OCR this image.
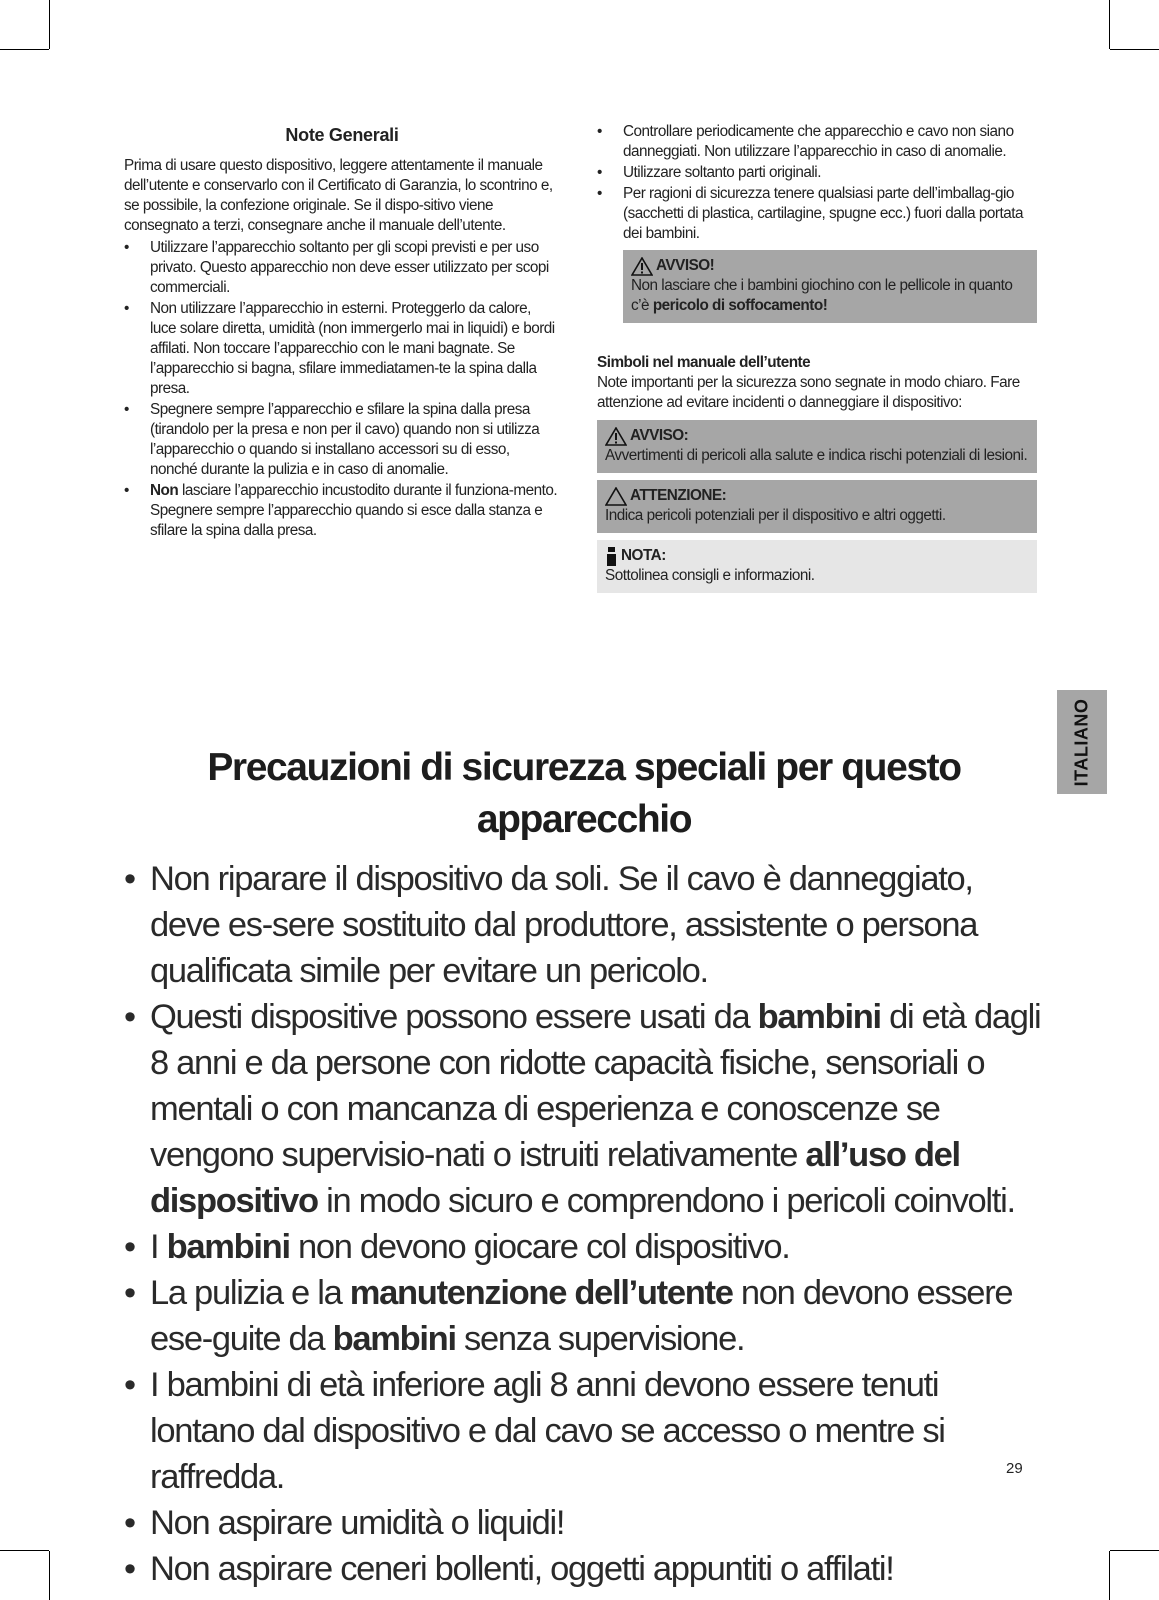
Note Generali

Prima di usare questo dispositivo, leggere attentamente il manuale dell’utente e conservarlo con il Certificato di Garanzia, lo scontrino e, se possibile, la confezione originale. Se il dispo-sitivo viene consegnato a terzi, consegnare anche il manuale dell’utente.

• Utilizzare l’apparecchio soltanto per gli scopi previsti e per uso privato. Questo apparecchio non deve esser utilizzato per scopi commerciali.
• Non utilizzare l’apparecchio in esterni. Proteggerlo da calore, luce solare diretta, umidità (non immergerlo mai in liquidi) e bordi affilati. Non toccare l’apparecchio con le mani bagnate. Se l’apparecchio si bagna, sfilare immediatamen-te la spina dalla presa.
• Spegnere sempre l’apparecchio e sfilare la spina dalla presa (tirandolo per la presa e non per il cavo) quando non si utilizza l’apparecchio o quando si installano accessori su di esso, nonché durante la pulizia e in caso di anomalie.
• Non lasciare l’apparecchio incustodito durante il funziona-mento. Spegnere sempre l’apparecchio quando si esce dalla stanza e sfilare la spina dalla presa.
• Controllare periodicamente che apparecchio e cavo non siano danneggiati. Non utilizzare l’apparecchio in caso di anomalie.
• Utilizzare soltanto parti originali.
• Per ragioni di sicurezza tenere qualsiasi parte dell’imballag-gio (sacchetti di plastica, cartilagine, spugne ecc.) fuori dalla portata dei bambini.
AVVISO!
Non lasciare che i bambini giochino con le pellicole in quanto c’è pericolo di soffocamento!
Simboli nel manuale dell’utente

Note importanti per la sicurezza sono segnate in modo chiaro. Fare attenzione ad evitare incidenti o danneggiare il dispositivo:

AVVISO:
Avvertimenti di pericoli alla salute e indica rischi potenziali di lesioni.
ATTENZIONE:
Indica pericoli potenziali per il dispositivo e altri oggetti.
NOTA:
Sottolinea consigli e informazioni.
ITALIANO
Precauzioni di sicurezza speciali per questo apparecchio
• Non riparare il dispositivo da soli. Se il cavo è danneggiato, deve es-sere sostituito dal produttore, assistente o persona qualificata simile per evitare un pericolo.
• Questi dispositive possono essere usati da bambini di età dagli 8 anni e da persone con ridotte capacità fisiche, sensoriali o mentali o con mancanza di esperienza e conoscenze se vengono supervisio-nati o istruiti relativamente all’uso del dispositivo in modo sicuro e comprendono i pericoli coinvolti.
• I bambini non devono giocare col dispositivo.
• La pulizia e la manutenzione dell’utente non devono essere ese-guite da bambini senza supervisione.
• I bambini di età inferiore agli 8 anni devono essere tenuti lontano dal dispositivo e dal cavo se accesso o mentre si raffredda.
• Non aspirare umidità o liquidi!
• Non aspirare ceneri bollenti, oggetti appuntiti o affilati!
29
